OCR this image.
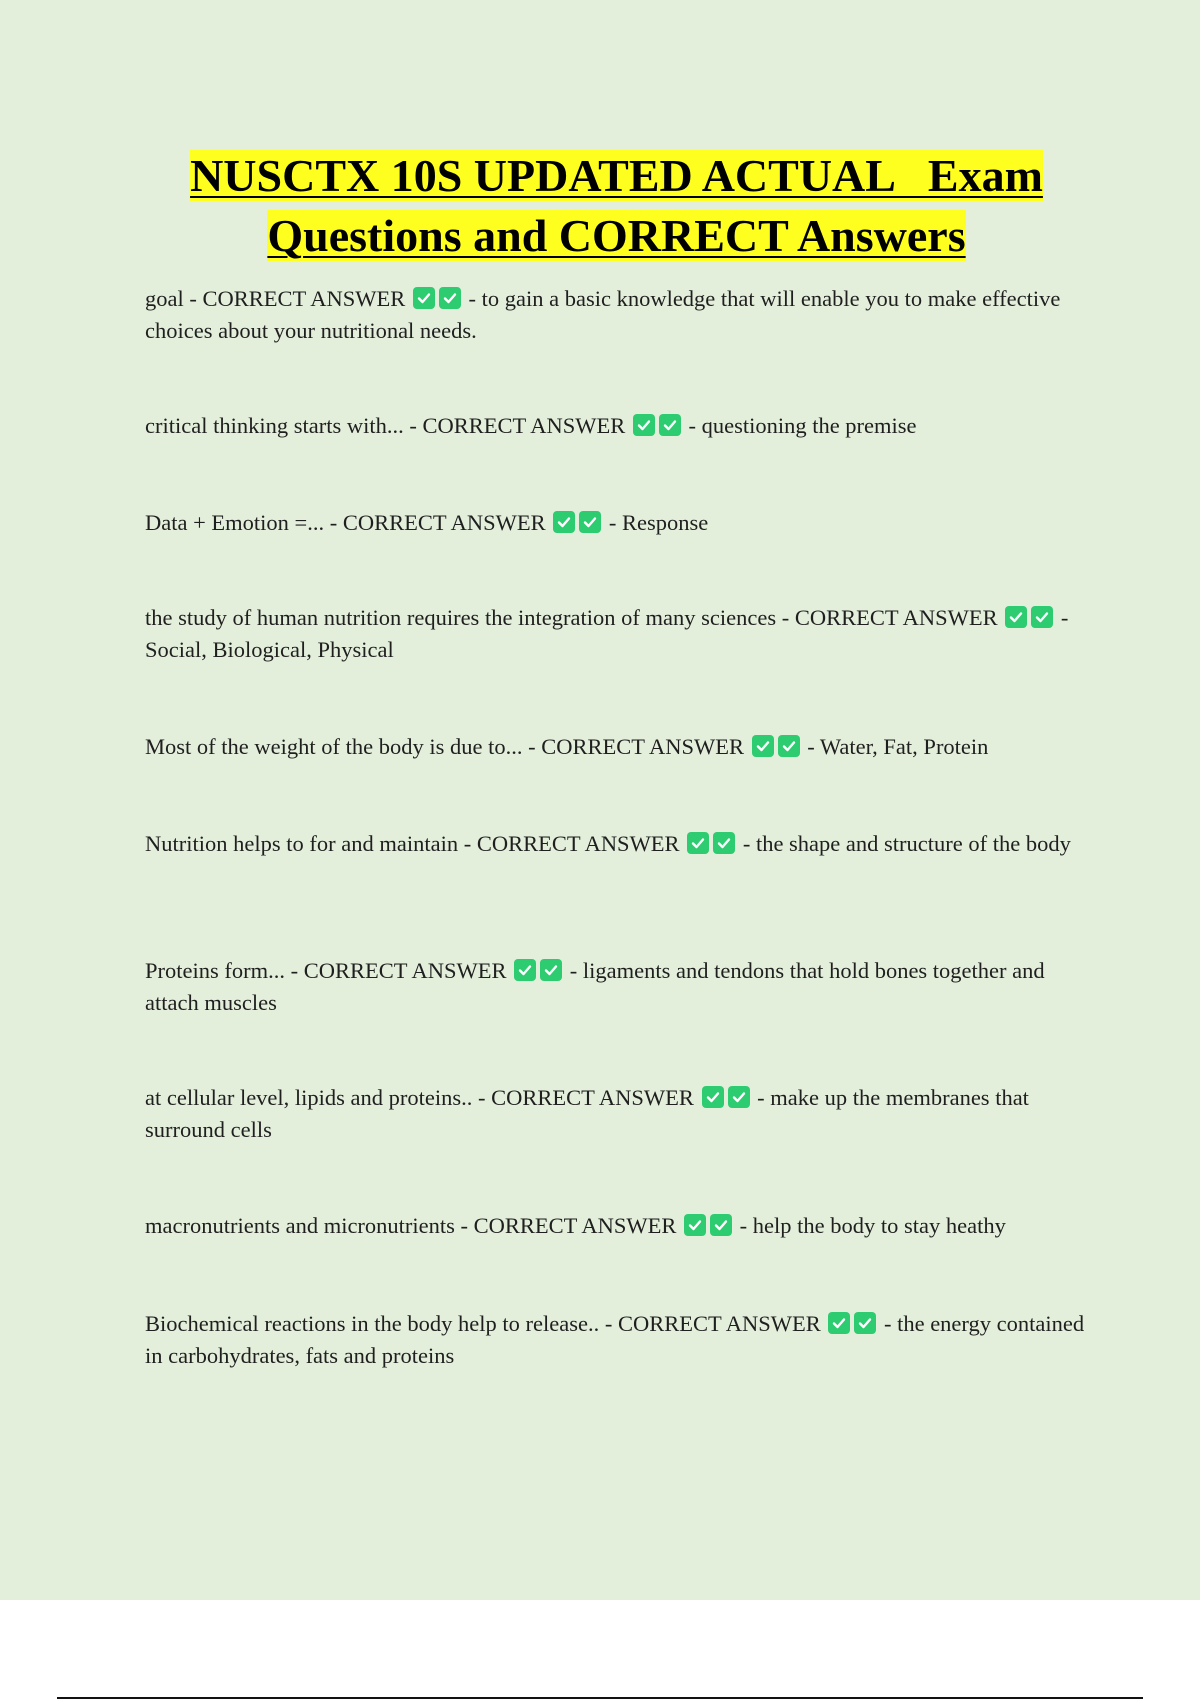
NUSCTX 10S UPDATED ACTUAL   Exam
Questions and CORRECT Answers
goal - CORRECT ANSWER	- to gain a basic knowledge that will enable you to make effective choices about your nutritional needs.
critical thinking starts with... - CORRECT ANSWER	- questioning the premise
Data + Emotion =... - CORRECT ANSWER	- Response
the study of human nutrition requires the integration of many sciences - CORRECT ANSWER	- Social, Biological, Physical
Most of the weight of the body is due to... - CORRECT ANSWER	- Water, Fat, Protein
Nutrition helps to for and maintain - CORRECT ANSWER	- the shape and structure of the body
Proteins form... - CORRECT ANSWER	- ligaments and tendons that hold bones together and attach muscles
at cellular level, lipids and proteins.. - CORRECT ANSWER	- make up the membranes that surround cells
macronutrients and micronutrients - CORRECT ANSWER	- help the body to stay heathy
Biochemical reactions in the body help to release.. - CORRECT ANSWER	- the energy contained in carbohydrates, fats and proteins
